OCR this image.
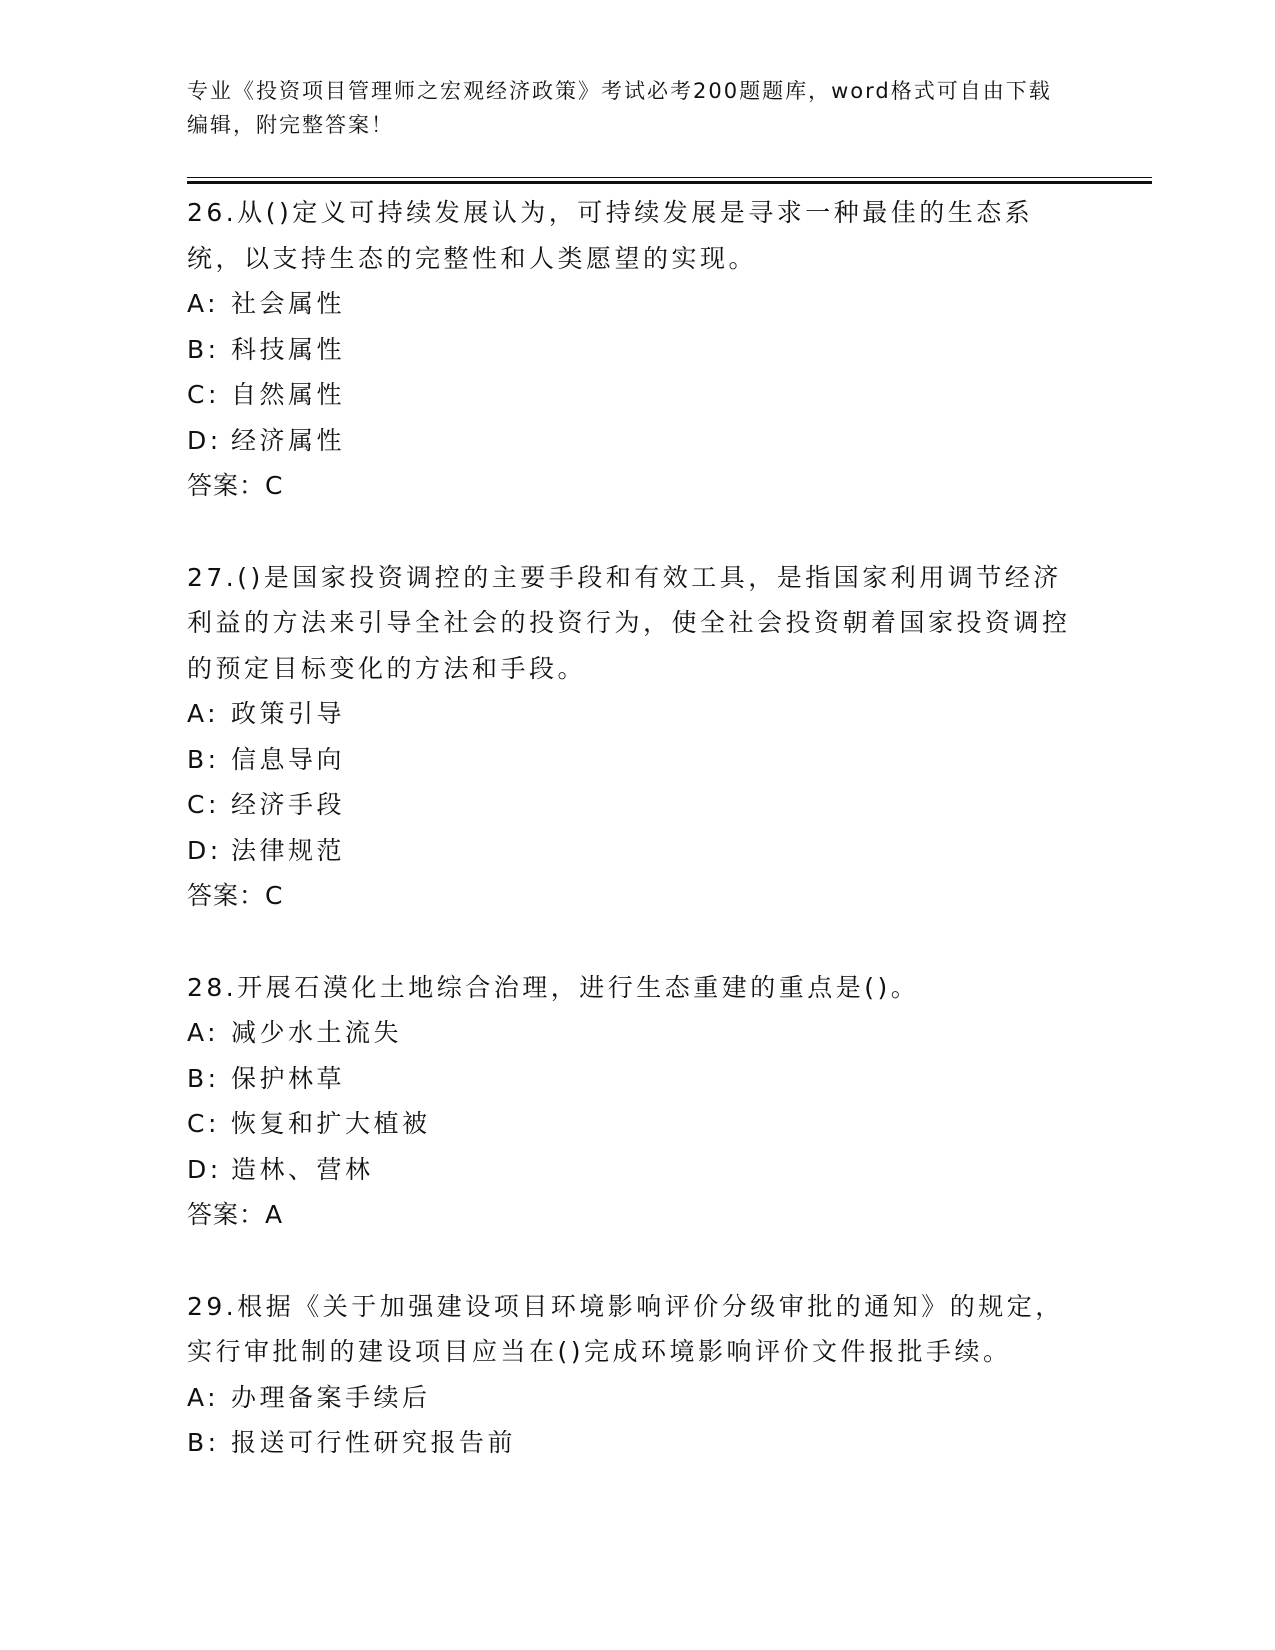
专业《投资项目管理师之宏观经济政策》考试必考200题题库，word格式可自由下载编辑，附完整答案！

26.从()定义可持续发展认为，可持续发展是寻求一种最佳的生态系统，以支持生态的完整性和人类愿望的实现。

A: 社会属性

B: 科技属性

C: 自然属性

D: 经济属性

答案：C

27.()是国家投资调控的主要手段和有效工具，是指国家利用调节经济利益的方法来引导全社会的投资行为，使全社会投资朝着国家投资调控的预定目标变化的方法和手段。

A: 政策引导

B: 信息导向

C: 经济手段

D: 法律规范

答案：C

28.开展石漠化土地综合治理，进行生态重建的重点是()。

A: 减少水土流失

B: 保护林草

C: 恢复和扩大植被

D: 造林、营林

答案：A

29.根据《关于加强建设项目环境影响评价分级审批的通知》的规定，实行审批制的建设项目应当在()完成环境影响评价文件报批手续。

A: 办理备案手续后

B: 报送可行性研究报告前
